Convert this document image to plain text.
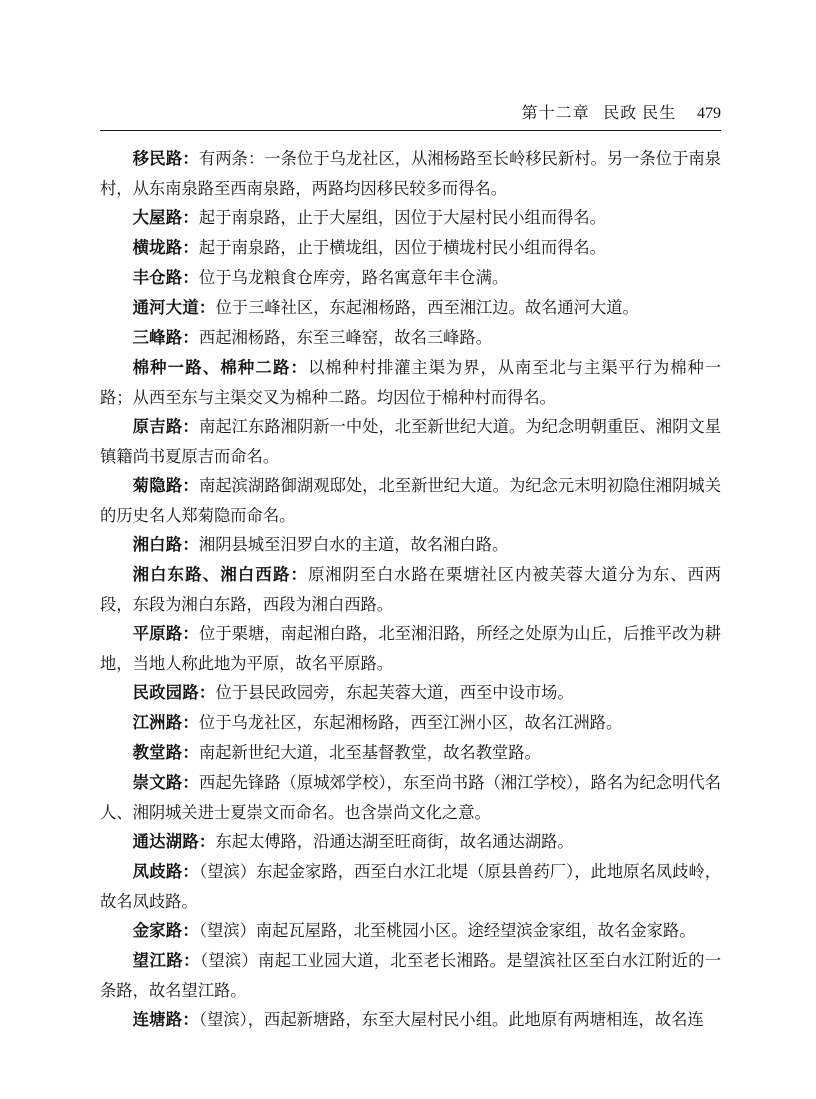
第十二章 民政 民生 479

移民路：有两条：一条位于乌龙社区，从湘杨路至长岭移民新村。另一条位于南泉村，从东南泉路至西南泉路，两路均因移民较多而得名。

大屋路：起于南泉路，止于大屋组，因位于大屋村民小组而得名。

横垅路：起于南泉路，止于横垅组，因位于横垅村民小组而得名。

丰仓路：位于乌龙粮食仓库旁，路名寓意年丰仓满。

通河大道：位于三峰社区，东起湘杨路，西至湘江边。故名通河大道。

三峰路：西起湘杨路，东至三峰窑，故名三峰路。

棉种一路、棉种二路：以棉种村排灌主渠为界，从南至北与主渠平行为棉种一路；从西至东与主渠交叉为棉种二路。均因位于棉种村而得名。

原吉路：南起江东路湘阴新一中处，北至新世纪大道。为纪念明朝重臣、湘阴文星镇籍尚书夏原吉而命名。

菊隐路：南起滨湖路御湖观邸处，北至新世纪大道。为纪念元末明初隐住湘阴城关的历史名人郑菊隐而命名。

湘白路：湘阴县城至汨罗白水的主道，故名湘白路。

湘白东路、湘白西路：原湘阴至白水路在栗塘社区内被芙蓉大道分为东、西两段，东段为湘白东路，西段为湘白西路。

平原路：位于栗塘，南起湘白路，北至湘汨路，所经之处原为山丘，后推平改为耕地，当地人称此地为平原，故名平原路。

民政园路：位于县民政园旁，东起芙蓉大道，西至中设市场。

江洲路：位于乌龙社区，东起湘杨路，西至江洲小区，故名江洲路。

教堂路：南起新世纪大道，北至基督教堂，故名教堂路。

崇文路：西起先锋路（原城郊学校），东至尚书路（湘江学校），路名为纪念明代名人、湘阴城关进士夏崇文而命名。也含崇尚文化之意。

通达湖路：东起太傅路，沿通达湖至旺商街，故名通达湖路。

凤歧路：（望滨）东起金家路，西至白水江北堤（原县兽药厂），此地原名凤歧岭，故名凤歧路。

金家路：（望滨）南起瓦屋路，北至桃园小区。途经望滨金家组，故名金家路。

望江路：（望滨）南起工业园大道，北至老长湘路。是望滨社区至白水江附近的一条路，故名望江路。

连塘路：（望滨），西起新塘路，东至大屋村民小组。此地原有两塘相连，故名连
